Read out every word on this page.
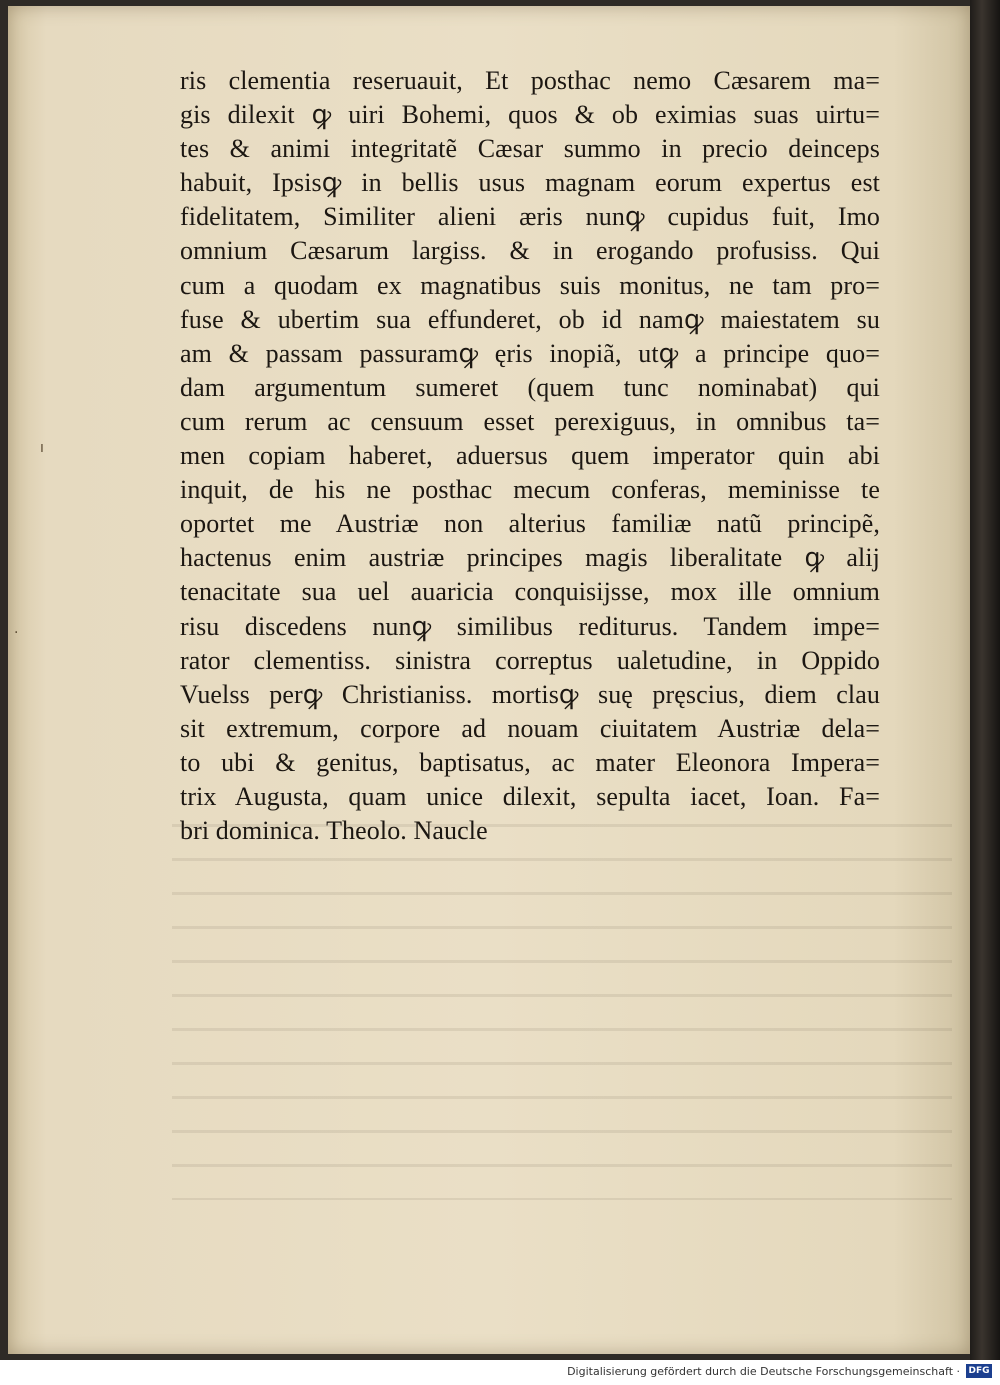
ı
·
ris clementia reseruauit, Et posthac nemo Cæsarem ma=
gis dilexit ꝙ uiri Bohemi, quos & ob eximias suas uirtu=
tes & animi integritatẽ Cæsar summo in precio deinceps
habuit, Ipsisꝙ in bellis usus magnam eorum expertus est
fidelitatem, Similiter alieni æris nunꝙ cupidus fuit, Imo
omnium Cæsarum largiss. & in erogando profusiss. Qui
cum a quodam ex magnatibus suis monitus, ne tam pro=
fuse & ubertim sua effunderet, ob id namꝙ maiestatem su
am & passam passuramꝙ ęris inopiã, utꝙ a principe quo=
dam argumentum sumeret (quem tunc nominabat) qui
cum rerum ac censuum esset perexiguus, in omnibus ta=
men copiam haberet, aduersus quem imperator quin abi
inquit, de his ne posthac mecum conferas, meminisse te
oportet me Austriæ non alterius familiæ natũ principẽ,
hactenus enim austriæ principes magis liberalitate ꝙ alij
tenacitate sua uel auaricia conquisijsse, mox ille omnium
risu discedens nunꝙ similibus rediturus. Tandem impe=
rator clementiss. sinistra correptus ualetudine, in Oppido
Vuelss perꝙ Christianiss. mortisꝙ suę pręscius, diem clau
sit extremum, corpore ad nouam ciuitatem Austriæ dela=
to ubi & genitus, baptisatus, ac mater Eleonora Impera=
trix Augusta, quam unice dilexit, sepulta iacet, Ioan. Fa=
bri dominica. Theolo. Naucle
Digitalisierung gefördert durch die Deutsche Forschungsgemeinschaft · DFG
